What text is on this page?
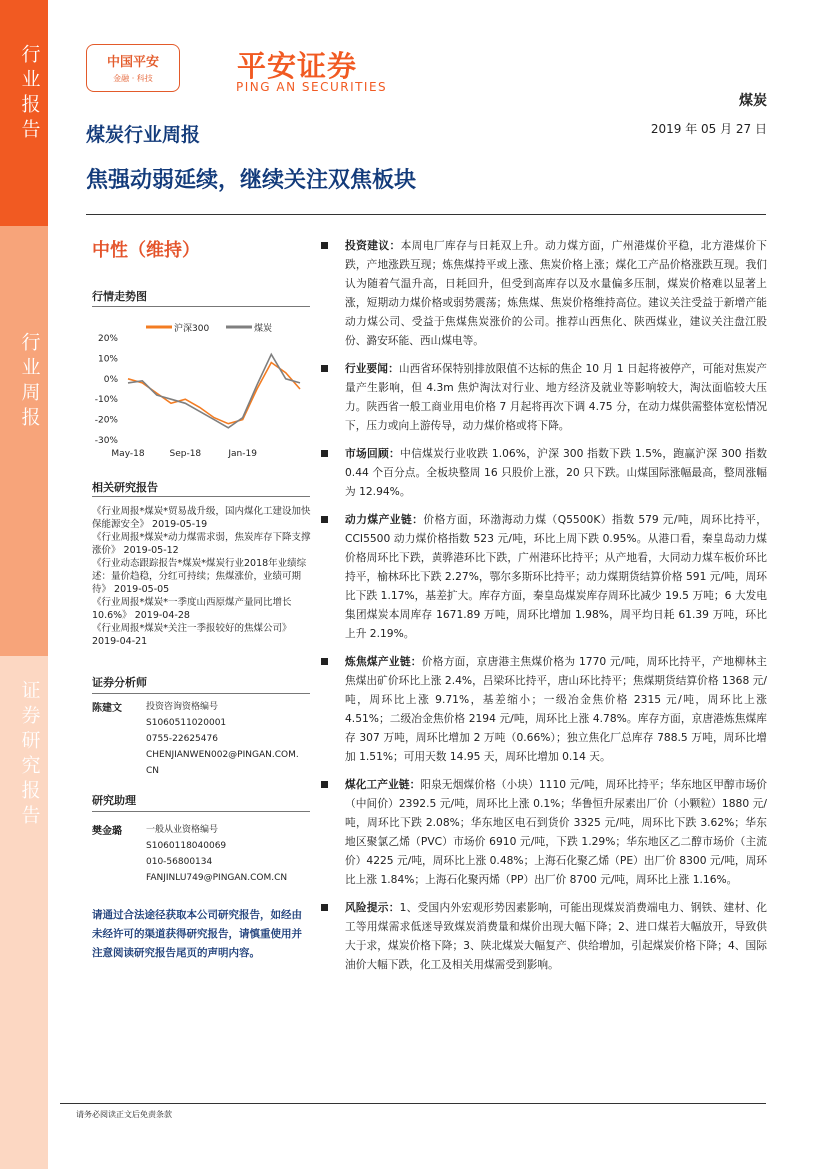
行业报告
行业周报
证券研究报告
中国平安
金融 · 科技	平安证券
PING AN SECURITIES
煤炭
2019 年 05 月 27 日
煤炭行业周报
焦强动弱延续，继续关注双焦板块
中性（维持）
行情走势图
沪深300	煤炭
20%
10%
0%
-10%
-20%
-30%
May-18	Sep-18	Jan-19
相关研究报告
《行业周报*煤炭*贸易战升级，国内煤化工建设加快保能源安全》 2019-05-19
《行业周报*煤炭*动力煤需求弱，焦炭库存下降支撑涨价》 2019-05-12
《行业动态跟踪报告*煤炭*煤炭行业2018年业绩综述：量价趋稳，分红可持续；焦煤涨价，业绩可期待》 2019-05-05
《行业周报*煤炭*一季度山西原煤产量同比增长10.6%》 2019-04-28
《行业周报*煤炭*关注一季报较好的焦煤公司》 2019-04-21
证券分析师
陈建文	投资咨询资格编号
S1060511020001
0755-22625476
CHENJIANWEN002@PINGAN.COM.
CN
研究助理
樊金璐	一般从业资格编号
S1060118040069
010-56800134
FANJINLU749@PINGAN.COM.CN
请通过合法途径获取本公司研究报告，如经由未经许可的渠道获得研究报告，请慎重使用并注意阅读研究报告尾页的声明内容。
投资建议：本周电厂库存与日耗双上升。动力煤方面，广州港煤价平稳，北方港煤价下跌，产地涨跌互现；炼焦煤持平或上涨、焦炭价格上涨；煤化工产品价格涨跌互现。我们认为随着气温升高，日耗回升，但受到高库存以及水量偏多压制，煤炭价格难以显著上涨，短期动力煤价格或弱势震荡；炼焦煤、焦炭价格维持高位。建议关注受益于新增产能动力煤公司、受益于焦煤焦炭涨价的公司。推荐山西焦化、陕西煤业，建议关注盘江股份、潞安环能、西山煤电等。
行业要闻：山西省环保特别排放限值不达标的焦企 10 月 1 日起将被停产，可能对焦炭产量产生影响，但 4.3m 焦炉淘汰对行业、地方经济及就业等影响较大，淘汰面临较大压力。陕西省一般工商业用电价格 7 月起将再次下调 4.75 分，在动力煤供需整体宽松情况下，压力或向上游传导，动力煤价格或将下降。
市场回顾：中信煤炭行业收跌 1.06%，沪深 300 指数下跌 1.5%，跑赢沪深 300 指数 0.44 个百分点。全板块整周 16 只股价上涨，20 只下跌。山煤国际涨幅最高，整周涨幅为 12.94%。
动力煤产业链：价格方面，环渤海动力煤（Q5500K）指数 579 元/吨，周环比持平，CCI5500 动力煤价格指数 523 元/吨，环比上周下跌 0.95%。从港口看，秦皇岛动力煤价格周环比下跌，黄骅港环比下跌，广州港环比持平；从产地看，大同动力煤车板价环比持平，榆林环比下跌 2.27%，鄂尔多斯环比持平；动力煤期货结算价格 591 元/吨，周环比下跌 1.17%，基差扩大。库存方面，秦皇岛煤炭库存周环比减少 19.5 万吨；6 大发电集团煤炭本周库存 1671.89 万吨，周环比增加 1.98%，周平均日耗 61.39 万吨，环比上升 2.19%。
炼焦煤产业链：价格方面，京唐港主焦煤价格为 1770 元/吨，周环比持平，产地柳林主焦煤出矿价环比上涨 2.4%，吕梁环比持平，唐山环比持平；焦煤期货结算价格 1368 元/吨，周环比上涨 9.71%，基差缩小；一级冶金焦价格 2315 元/吨，周环比上涨 4.51%；二级冶金焦价格 2194 元/吨，周环比上涨 4.78%。库存方面，京唐港炼焦煤库存 307 万吨，周环比增加 2 万吨（0.66%）；独立焦化厂总库存 788.5 万吨，周环比增加 1.51%；可用天数 14.95 天，周环比增加 0.14 天。
煤化工产业链：阳泉无烟煤价格（小块）1110 元/吨，周环比持平；华东地区甲醇市场价（中间价）2392.5 元/吨，周环比上涨 0.1%；华鲁恒升尿素出厂价（小颗粒）1880 元/吨，周环比下跌 2.08%；华东地区电石到货价 3325 元/吨，周环比下跌 3.62%；华东地区聚氯乙烯（PVC）市场价 6910 元/吨，下跌 1.29%；华东地区乙二醇市场价（主流价）4225 元/吨，周环比上涨 0.48%；上海石化聚乙烯（PE）出厂价 8300 元/吨，周环比上涨 1.84%；上海石化聚丙烯（PP）出厂价 8700 元/吨，周环比上涨 1.16%。
风险提示：1、受国内外宏观形势因素影响，可能出现煤炭消费端电力、钢铁、建材、化工等用煤需求低迷导致煤炭消费量和煤价出现大幅下降；2、进口煤若大幅放开，导致供大于求，煤炭价格下降；3、陕北煤炭大幅复产、供给增加，引起煤炭价格下降；4、国际油价大幅下跌，化工及相关用煤需受到影响。
请务必阅读正文后免责条款
